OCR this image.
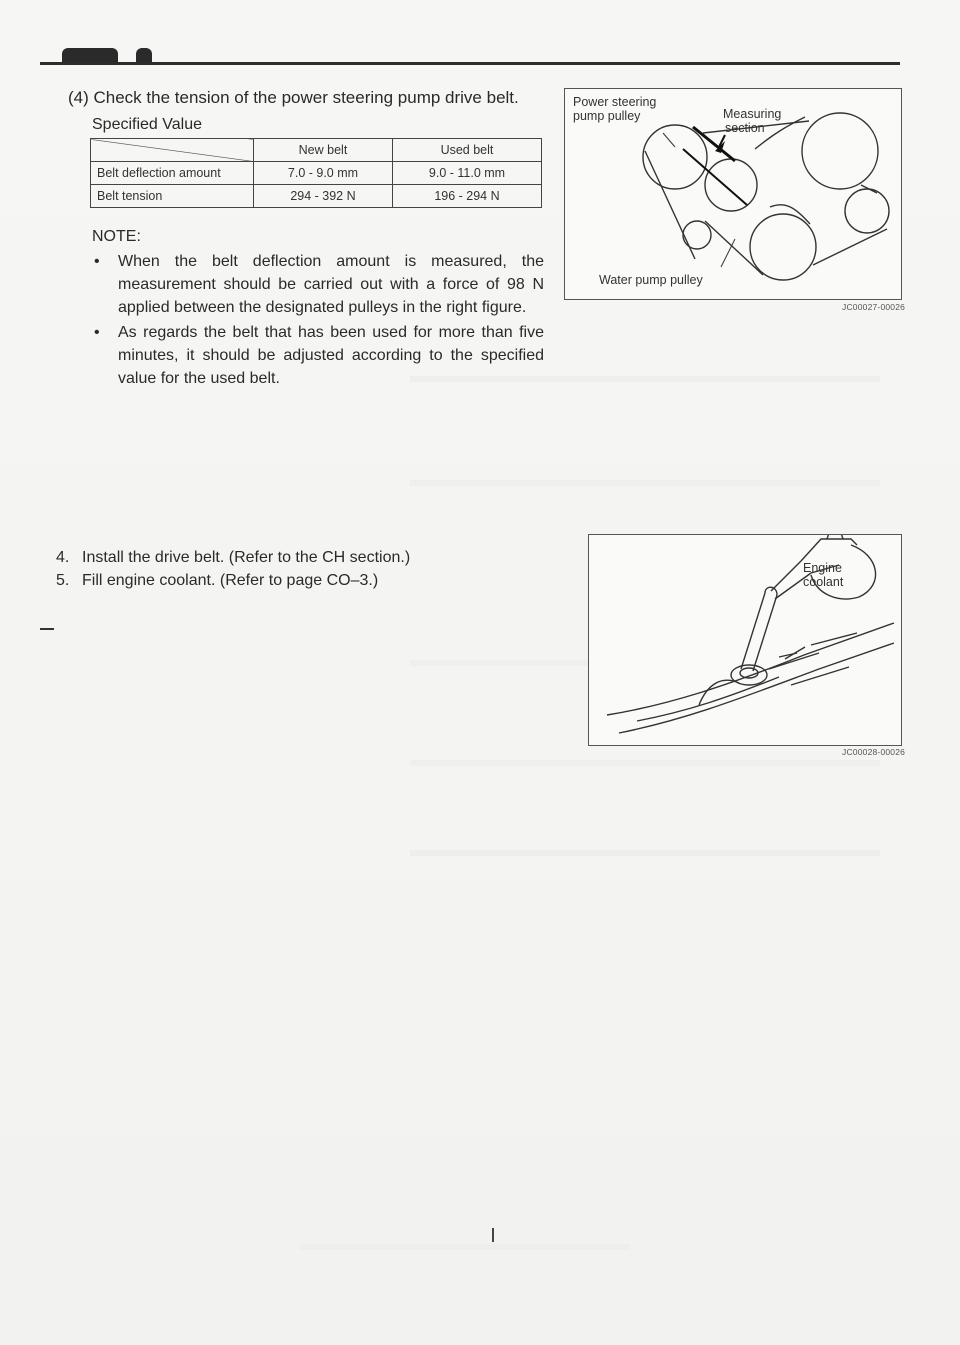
(4) Check the tension of the power steering pump drive belt.
Specified Value
	New belt	Used belt
Belt deflection amount	7.0 - 9.0 mm	9.0 - 11.0 mm
Belt tension	294 - 392 N	196 - 294 N
NOTE:
• When the belt deflection amount is measured, the measurement should be carried out with a force of 98 N applied between the designated pulleys in the right figure.
• As regards the belt that has been used for more than five minutes, it should be adjusted according to the specified value for the used belt.
4. Install the drive belt. (Refer to the CH section.)
5. Fill engine coolant. (Refer to page CO–3.)
Power steering
pump pulley	Measuring
section
Water pump pulley
JC00027-00026
Engine
coolant
JC00028-00026
